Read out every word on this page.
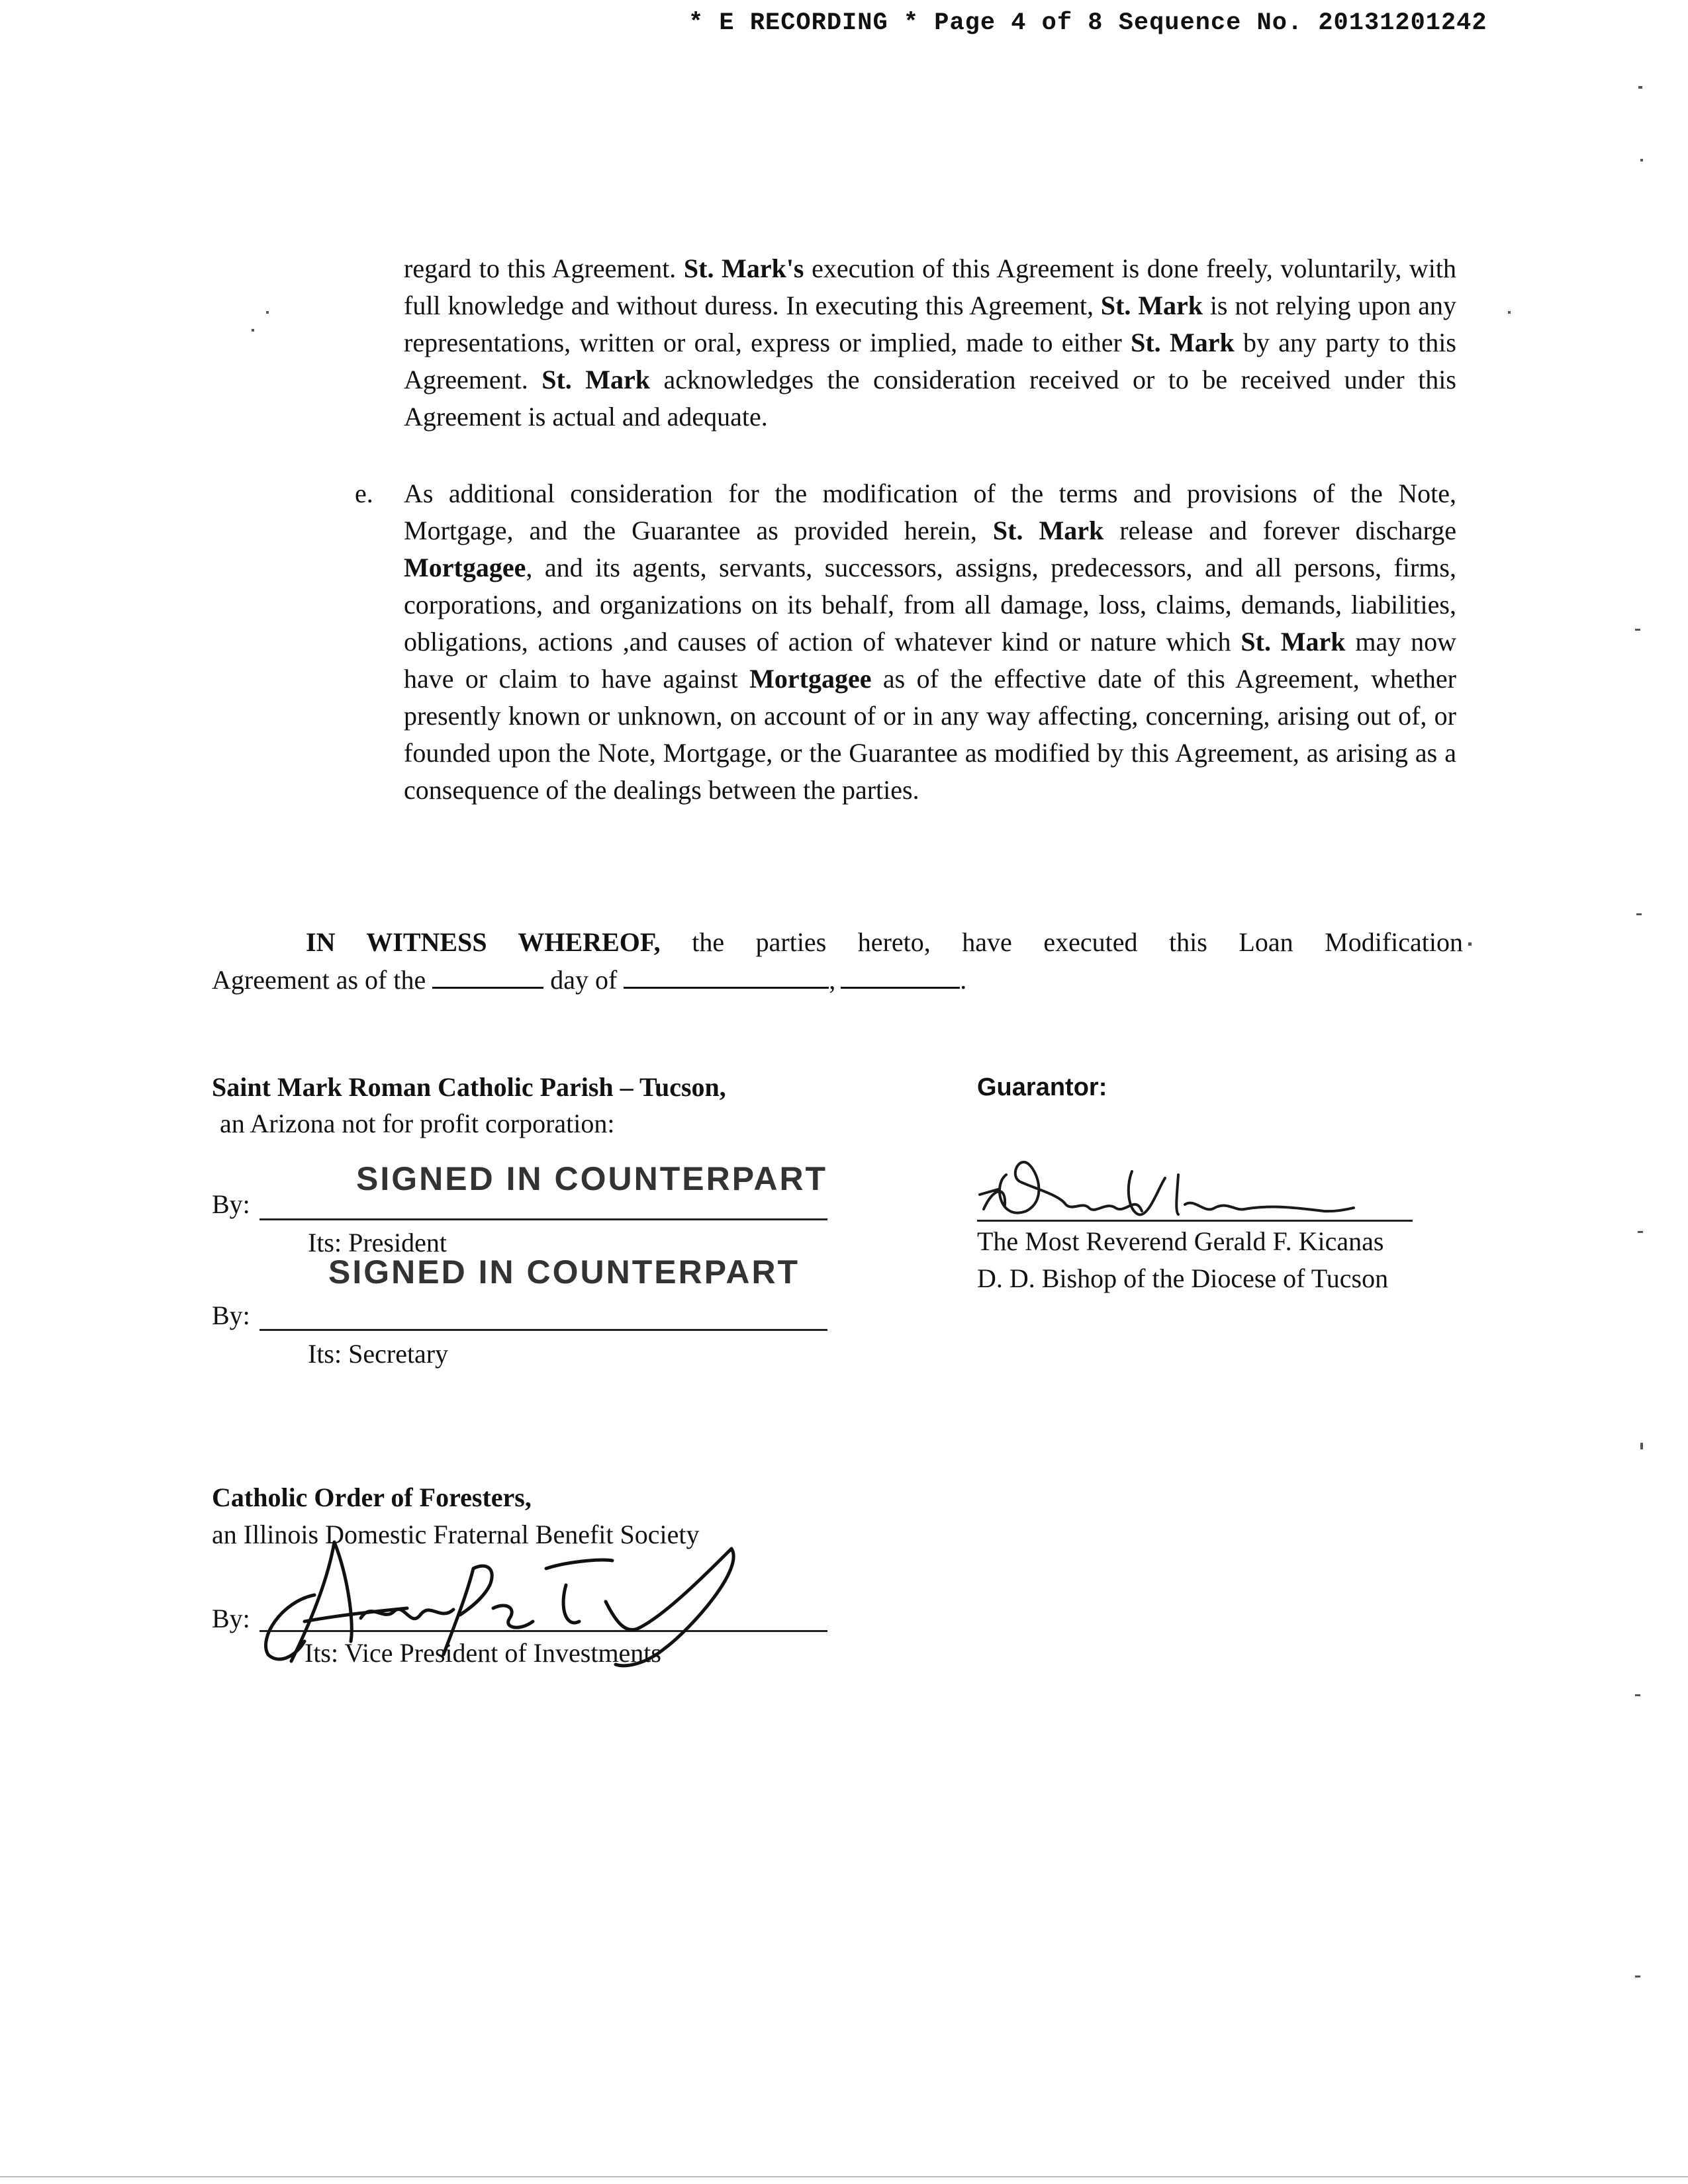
* E RECORDING * Page 4 of 8 Sequence No. 20131201242
regard to this Agreement. St. Mark's execution of this Agreement is done freely, voluntarily, with full knowledge and without duress. In executing this Agreement, St. Mark is not relying upon any representations, written or oral, express or implied, made to either St. Mark by any party to this Agreement. St. Mark acknowledges the consideration received or to be received under this Agreement is actual and adequate.
e. As additional consideration for the modification of the terms and provisions of the Note, Mortgage, and the Guarantee as provided herein, St. Mark release and forever discharge Mortgagee, and its agents, servants, successors, assigns, predecessors, and all persons, firms, corporations, and organizations on its behalf, from all damage, loss, claims, demands, liabilities, obligations, actions ,and causes of action of whatever kind or nature which St. Mark may now have or claim to have against Mortgagee as of the effective date of this Agreement, whether presently known or unknown, on account of or in any way affecting, concerning, arising out of, or founded upon the Note, Mortgage, or the Guarantee as modified by this Agreement, as arising as a consequence of the dealings between the parties.
IN WITNESS WHEREOF, the parties hereto, have executed this Loan Modification
Agreement as of the	day of	,	.
Saint Mark Roman Catholic Parish – Tucson,
an Arizona not for profit corporation:
SIGNED IN COUNTERPART
By:
Its: President
SIGNED IN COUNTERPART
By:
Its: Secretary
Guarantor:
The Most Reverend Gerald F. Kicanas
D. D. Bishop of the Diocese of Tucson
Catholic Order of Foresters,
an Illinois Domestic Fraternal Benefit Society
By:
Its: Vice President of Investments
